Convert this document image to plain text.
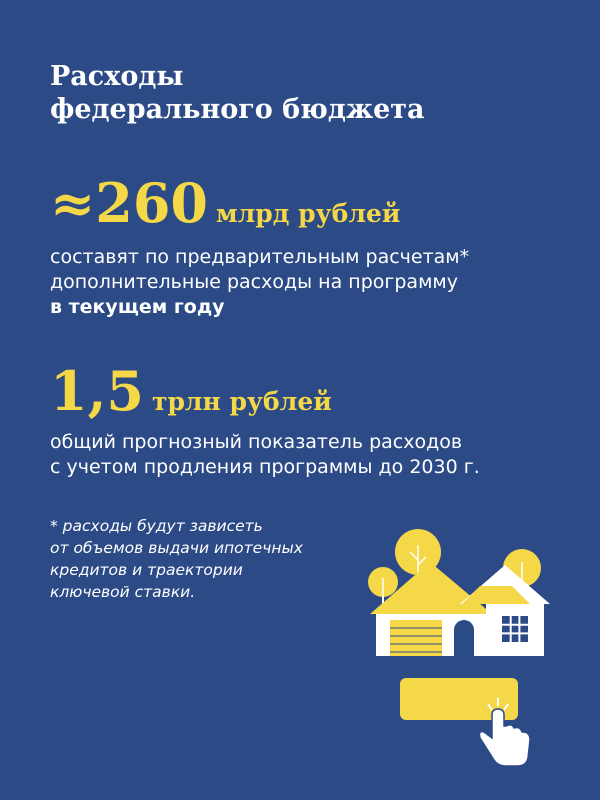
Расходы
федерального бюджета
≈260 млрд рублей

составят по предварительным расчетам*
дополнительные расходы на программу
в текущем году

1,5 трлн рублей

общий прогнозный показатель расходов
с учетом продления программы до 2030 г.

* расходы будут зависеть
от объемов выдачи ипотечных
кредитов и траектории
ключевой ставки.
